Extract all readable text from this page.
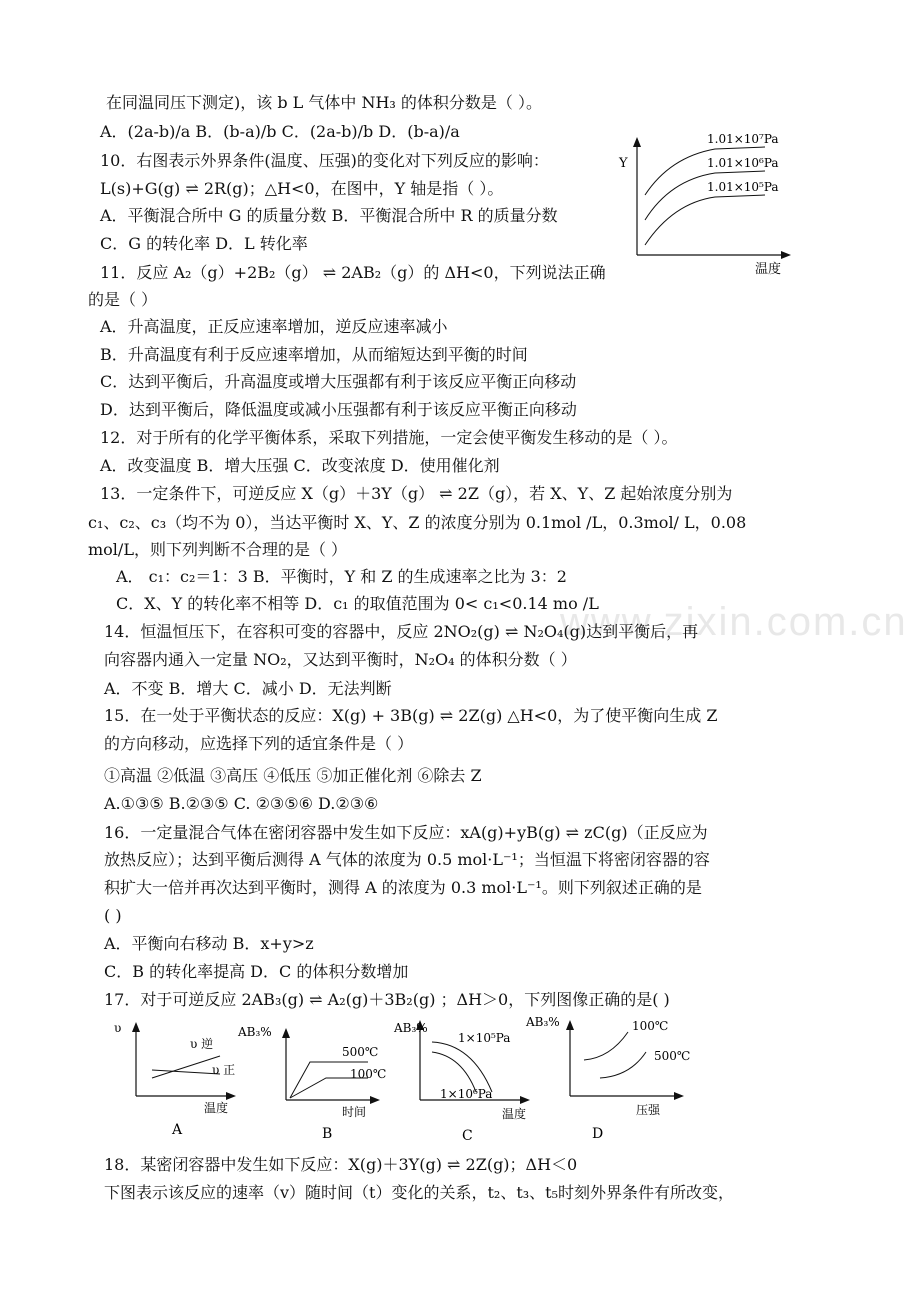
www.zixin.com.cn
在同温同压下测定)，该 b L 气体中 NH₃ 的体积分数是（ ）。
A．(2a-b)/a B．(b-a)/b C．(2a-b)/b D．(b-a)/a
10．右图表示外界条件(温度、压强)的变化对下列反应的影响：
L(s)+G(g) ⇌ 2R(g)；△H<0，在图中，Y 轴是指（ ）。
A．平衡混合所中 G 的质量分数 B．平衡混合所中 R 的质量分数
C．G 的转化率 D．L 转化率
11．反应 A₂（g）+2B₂（g） ⇌ 2AB₂（g）的 ΔH<0，下列说法正确
的是（ ）
A．升高温度，正反应速率增加，逆反应速率减小
B．升高温度有利于反应速率增加，从而缩短达到平衡的时间
C．达到平衡后，升高温度或增大压强都有利于该反应平衡正向移动
D．达到平衡后，降低温度或减小压强都有利于该反应平衡正向移动
12．对于所有的化学平衡体系，采取下列措施，一定会使平衡发生移动的是（ ）。
A．改变温度 B．增大压强 C．改变浓度 D．使用催化剂
13．一定条件下，可逆反应 X（g）＋3Y（g） ⇌ 2Z（g），若 X、Y、Z 起始浓度分别为
c₁、c₂、c₃（均不为 0），当达平衡时 X、Y、Z 的浓度分别为 0.1mol /L，0.3mol/ L，0.08
mol/L，则下列判断不合理的是（ ）
A． c₁：c₂＝1：3 B．平衡时，Y 和 Z 的生成速率之比为 3：2
C．X、Y 的转化率不相等 D．c₁ 的取值范围为 0< c₁<0.14 mo /L
14．恒温恒压下，在容积可变的容器中，反应 2NO₂(g) ⇌ N₂O₄(g)达到平衡后，再
向容器内通入一定量 NO₂，又达到平衡时，N₂O₄ 的体积分数（ ）
A．不变 B．增大 C．减小 D．无法判断
15．在一处于平衡状态的反应：X(g) + 3B(g) ⇌ 2Z(g) △H<0，为了使平衡向生成 Z
的方向移动，应选择下列的适宜条件是（ ）
①高温 ②低温 ③高压 ④低压 ⑤加正催化剂 ⑥除去 Z
A.①③⑤ B.②③⑤ C. ②③⑤⑥ D.②③⑥
16．一定量混合气体在密闭容器中发生如下反应：xA(g)+yB(g) ⇌ zC(g)（正反应为
放热反应）；达到平衡后测得 A 气体的浓度为 0.5 mol·L⁻¹；当恒温下将密闭容器的容
积扩大一倍并再次达到平衡时，测得 A 的浓度为 0.3 mol·L⁻¹。则下列叙述正确的是
( )
A．平衡向右移动 B．x+y>z
C．B 的转化率提高 D．C 的体积分数增加
17．对于可逆反应 2AB₃(g) ⇌ A₂(g)＋3B₂(g) ；ΔH＞0，下列图像正确的是( )
18．某密闭容器中发生如下反应：X(g)＋3Y(g) ⇌ 2Z(g)；ΔH＜0
下图表示该反应的速率（v）随时间（t）变化的关系，t₂、t₃、t₅时刻外界条件有所改变，
Y
温度
1.01×10⁷Pa
1.01×10⁶Pa
1.01×10⁵Pa
υ
υ 逆
υ 正
温度
A
AB₃%
500℃
100℃
时间
B
AB₃%
1×10⁵Pa
1×10⁶Pa
温度
C
AB₃%	100℃
500℃
压强
D
